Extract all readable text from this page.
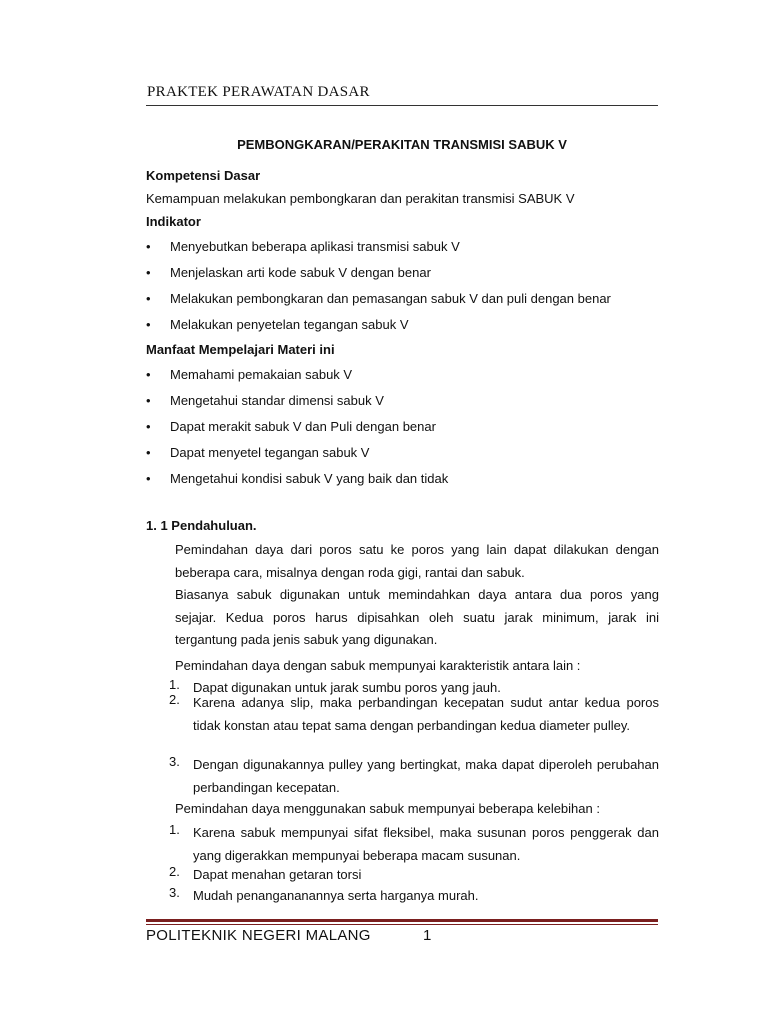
PRAKTEK PERAWATAN DASAR
PEMBONGKARAN/PERAKITAN TRANSMISI SABUK V
Kompetensi Dasar
Kemampuan melakukan pembongkaran dan perakitan transmisi SABUK V
Indikator
• Menyebutkan beberapa aplikasi transmisi sabuk V
• Menjelaskan arti kode sabuk V dengan benar
• Melakukan pembongkaran dan pemasangan sabuk V dan puli dengan benar
• Melakukan penyetelan tegangan sabuk V
Manfaat Mempelajari Materi ini
• Memahami pemakaian sabuk V
• Mengetahui standar dimensi sabuk V
• Dapat merakit sabuk V dan Puli dengan benar
• Dapat menyetel tegangan sabuk V
• Mengetahui kondisi sabuk V yang baik dan tidak
1. 1 Pendahuluan.
Pemindahan daya dari poros satu ke poros yang lain dapat dilakukan dengan beberapa cara, misalnya dengan roda gigi, rantai dan sabuk.
Biasanya sabuk digunakan untuk memindahkan daya antara dua poros yang sejajar. Kedua poros harus dipisahkan oleh suatu jarak minimum, jarak ini tergantung pada jenis sabuk yang digunakan.
Pemindahan daya dengan sabuk mempunyai karakteristik antara lain :
1. Dapat digunakan untuk jarak sumbu poros yang jauh.
2. Karena adanya slip, maka perbandingan kecepatan sudut antar kedua poros tidak konstan atau tepat sama dengan perbandingan kedua diameter pulley.
3. Dengan digunakannya pulley yang bertingkat, maka dapat diperoleh perubahan perbandingan kecepatan.
Pemindahan daya menggunakan sabuk mempunyai beberapa kelebihan :
1. Karena sabuk mempunyai sifat fleksibel, maka susunan poros penggerak dan yang digerakkan mempunyai beberapa macam susunan.
2. Dapat menahan getaran torsi
3. Mudah penangananannya serta harganya murah.
POLITEKNIK NEGERI MALANG	1
